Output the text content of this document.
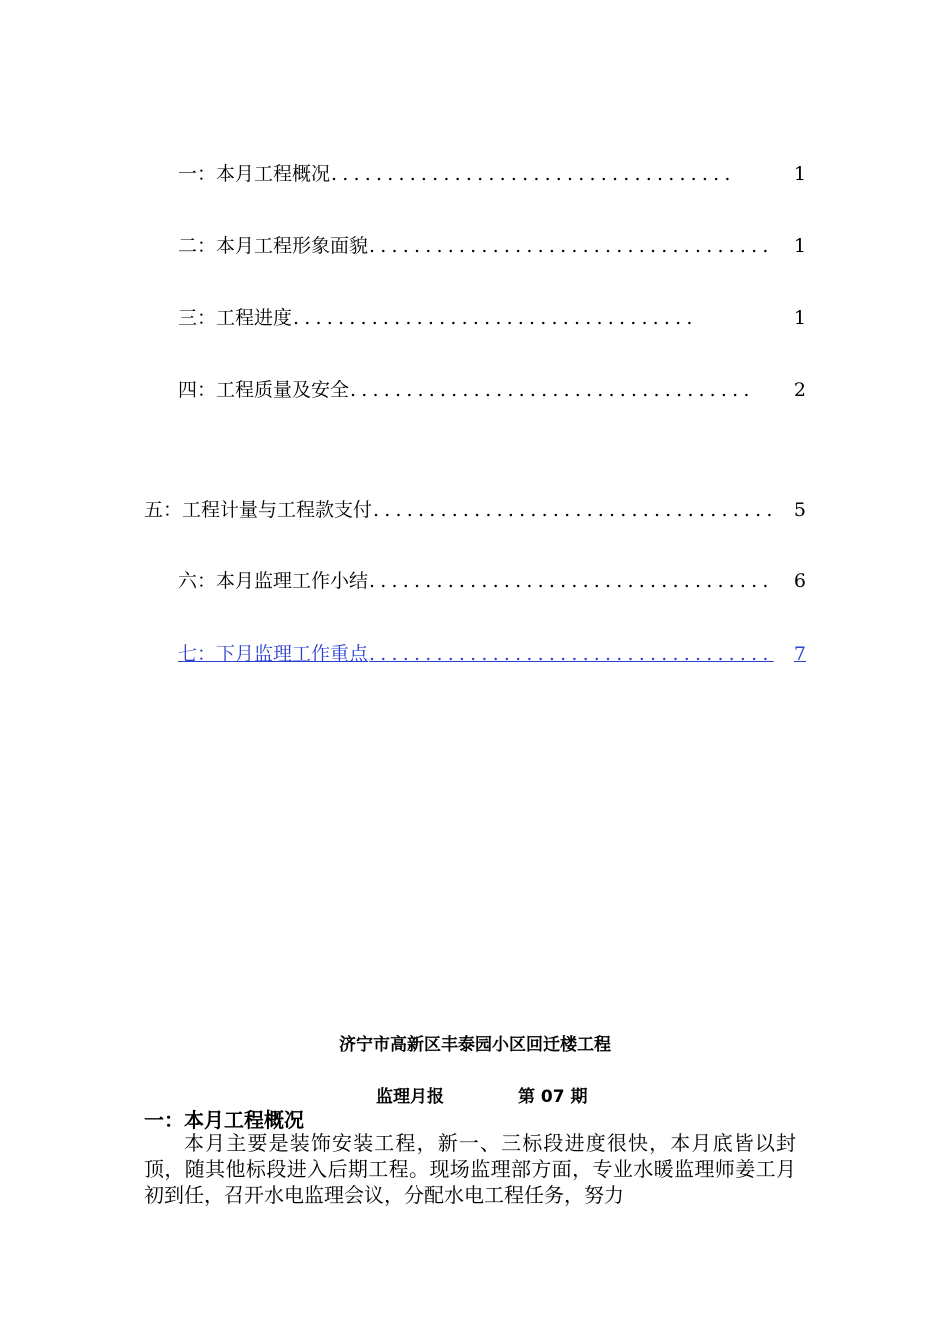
一：本月工程概况 ....................................	1
二：本月工程形象面貌 ....................................	1
三：工程进度 ....................................	1
四：工程质量及安全 ....................................	2
五：工程计量与工程款支付 .................................... 5
六：本月监理工作小结 ....................................	6
七：下月监理工作重点 ....................................	7
济宁市高新区丰泰园小区回迁楼工程
监理月报	第 07 期
一：本月工程概况
本月主要是装饰安装工程，新一、三标段进度很快，本月底皆以封顶，随其他标段进入后期工程。现场监理部方面，专业水暖监理师姜工月初到任，召开水电监理会议，分配水电工程任务，努力
